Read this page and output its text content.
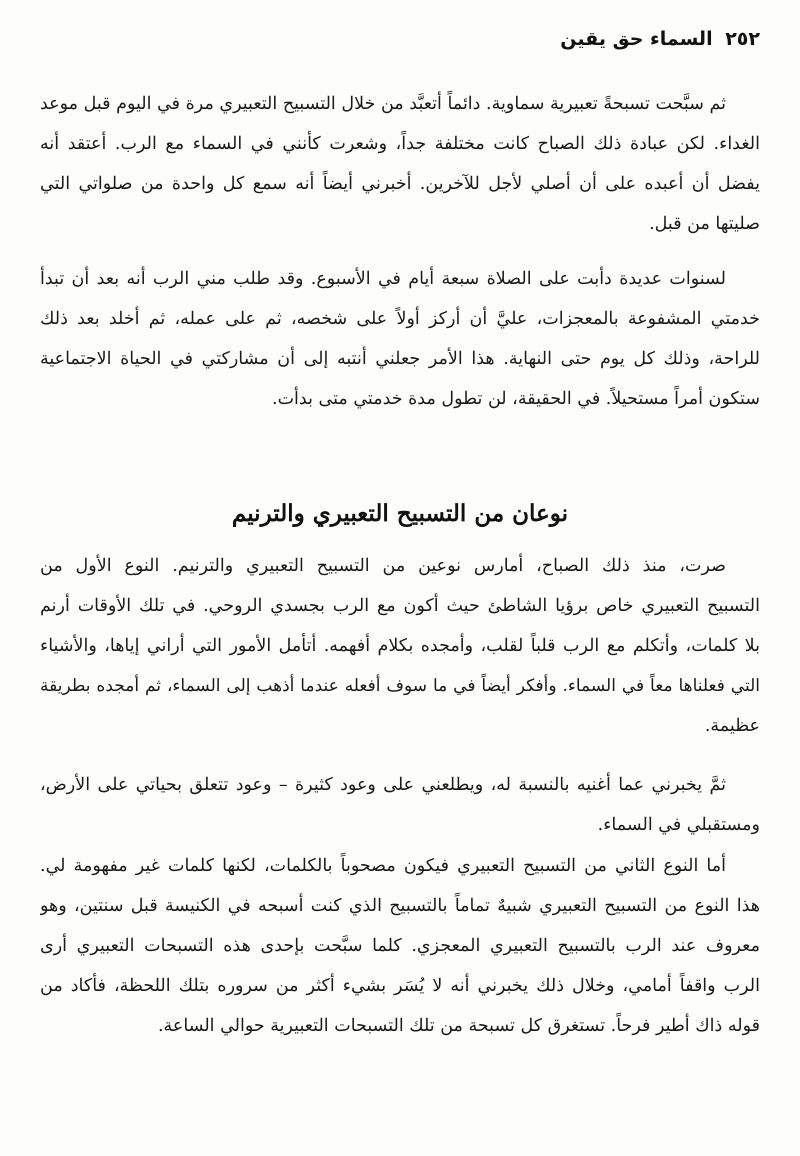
٢٥٢ السماء حق يقين
ثم سبَّحت تسبحةً تعبيرية سماوية. دائماً أتعبَّد من خلال التسبيح التعبيري مرة في اليوم قبل موعد
الغداء. لكن عبادة ذلك الصباح كانت مختلفة جداً، وشعرت كأنني في السماء مع الرب. أعتقد أنه
يفضل أن أعبده على أن أصلي لأجل للآخرين. أخبرني أيضاً أنه سمع كل واحدة من صلواتي التي
صليتها من قبل.
لسنوات عديدة دأبت على الصلاة سبعة أيام في الأسبوع. وقد طلب مني الرب أنه بعد أن تبدأ
خدمتي المشفوعة بالمعجزات، عليَّ أن أركز أولاً على شخصه، ثم على عمله، ثم أخلد بعد ذلك
للراحة، وذلك كل يوم حتى النهاية. هذا الأمر جعلني أنتبه إلى أن مشاركتي في الحياة الاجتماعية
ستكون أمراً مستحيلاً. في الحقيقة، لن تطول مدة خدمتي متى بدأت.
نوعان من التسبيح التعبيري والترنيم
صرت، منذ ذلك الصباح، أمارس نوعين من التسبيح التعبيري والترنيم. النوع الأول من
التسبيح التعبيري خاص برؤيا الشاطئ حيث أكون مع الرب بجسدي الروحي. في تلك الأوقات أرنم
بلا كلمات، وأتكلم مع الرب قلباً لقلب، وأمجده بكلام أفهمه. أتأمل الأمور التي أراني إياها، والأشياء
التي فعلناها معاً في السماء. وأفكر أيضاً في ما سوف أفعله عندما أذهب إلى السماء، ثم أمجده بطريقة
عظيمة.
ثمَّ يخبرني عما أغنيه بالنسبة له، ويطلعني على وعود كثيرة – وعود تتعلق بحياتي على الأرض،
ومستقبلي في السماء.
أما النوع الثاني من التسبيح التعبيري فيكون مصحوباً بالكلمات، لكنها كلمات غير مفهومة لي.
هذا النوع من التسبيح التعبيري شبيهٌ تماماً بالتسبيح الذي كنت أسبحه في الكنيسة قبل سنتين، وهو
معروف عند الرب بالتسبيح التعبيري المعجزي. كلما سبَّحت بإحدى هذه التسبحات التعبيري أرى
الرب واقفاً أمامي، وخلال ذلك يخبرني أنه لا يُسَر بشيء أكثر من سروره بتلك اللحظة، فأكاد من
قوله ذاك أطير فرحاً. تستغرق كل تسبحة من تلك التسبحات التعبيرية حوالي الساعة.
